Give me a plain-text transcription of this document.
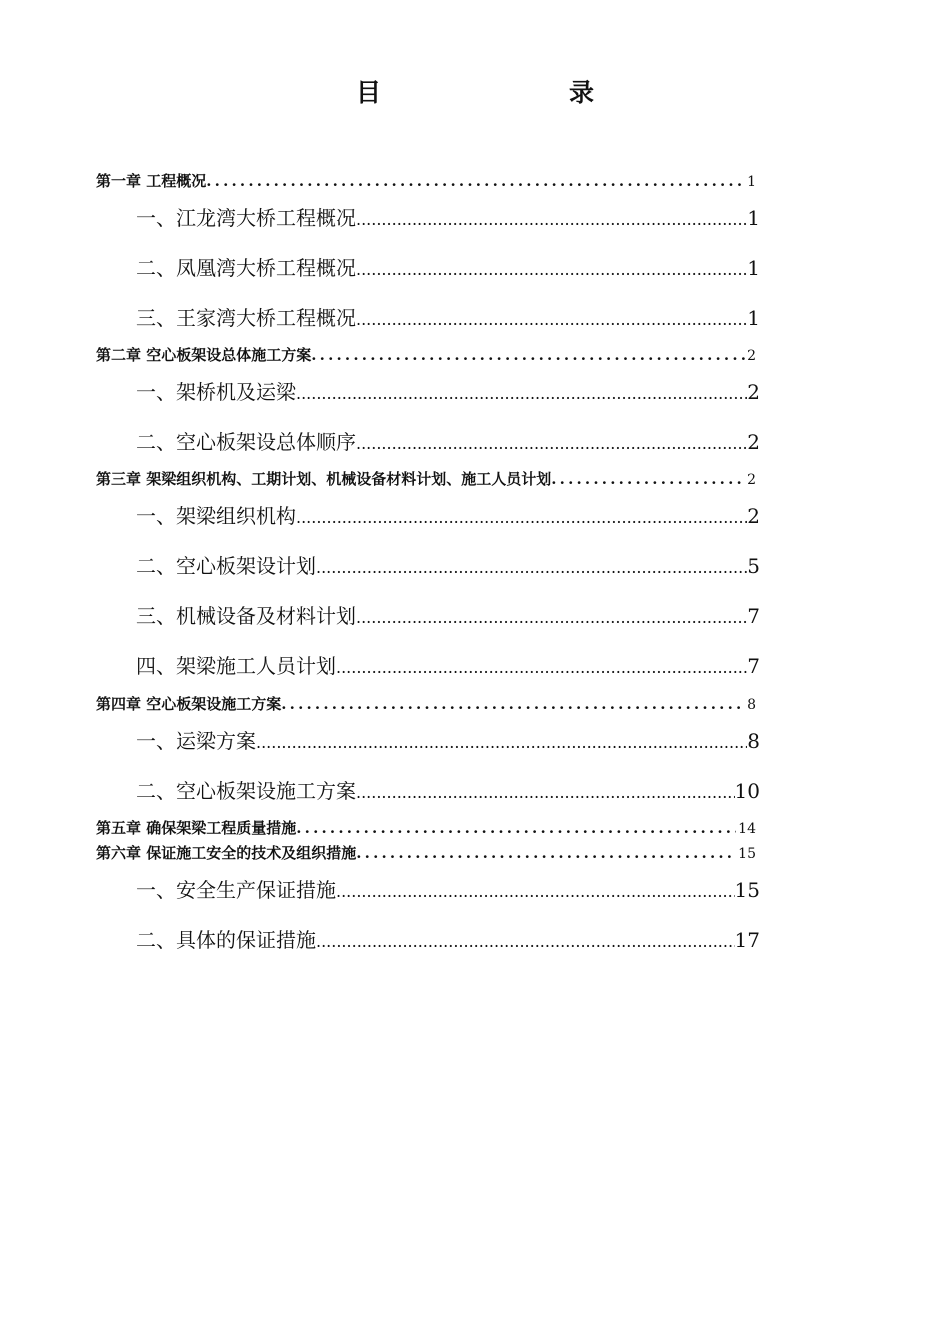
目　　录
第一章 工程概况 .....	1
一、江龙湾大桥工程概况 .....	1
二、凤凰湾大桥工程概况 .....	1
三、王家湾大桥工程概况 .....	1
第二章 空心板架设总体施工方案 .....	2
一、架桥机及运梁 .....	2
二、空心板架设总体顺序 .....	2
第三章 架梁组织机构、工期计划、机械设备材料计划、施工人员计划 .....	2
一、架梁组织机构 .....	2
二、空心板架设计划 .....	5
三、机械设备及材料计划 .....	7
四、架梁施工人员计划 .....	7
第四章 空心板架设施工方案 .....	8
一、运梁方案 .....	8
二、空心板架设施工方案 .....	10
第五章 确保架梁工程质量措施 .....	14
第六章 保证施工安全的技术及组织措施 .....	15
一、安全生产保证措施 .....	15
二、具体的保证措施 .....	17
